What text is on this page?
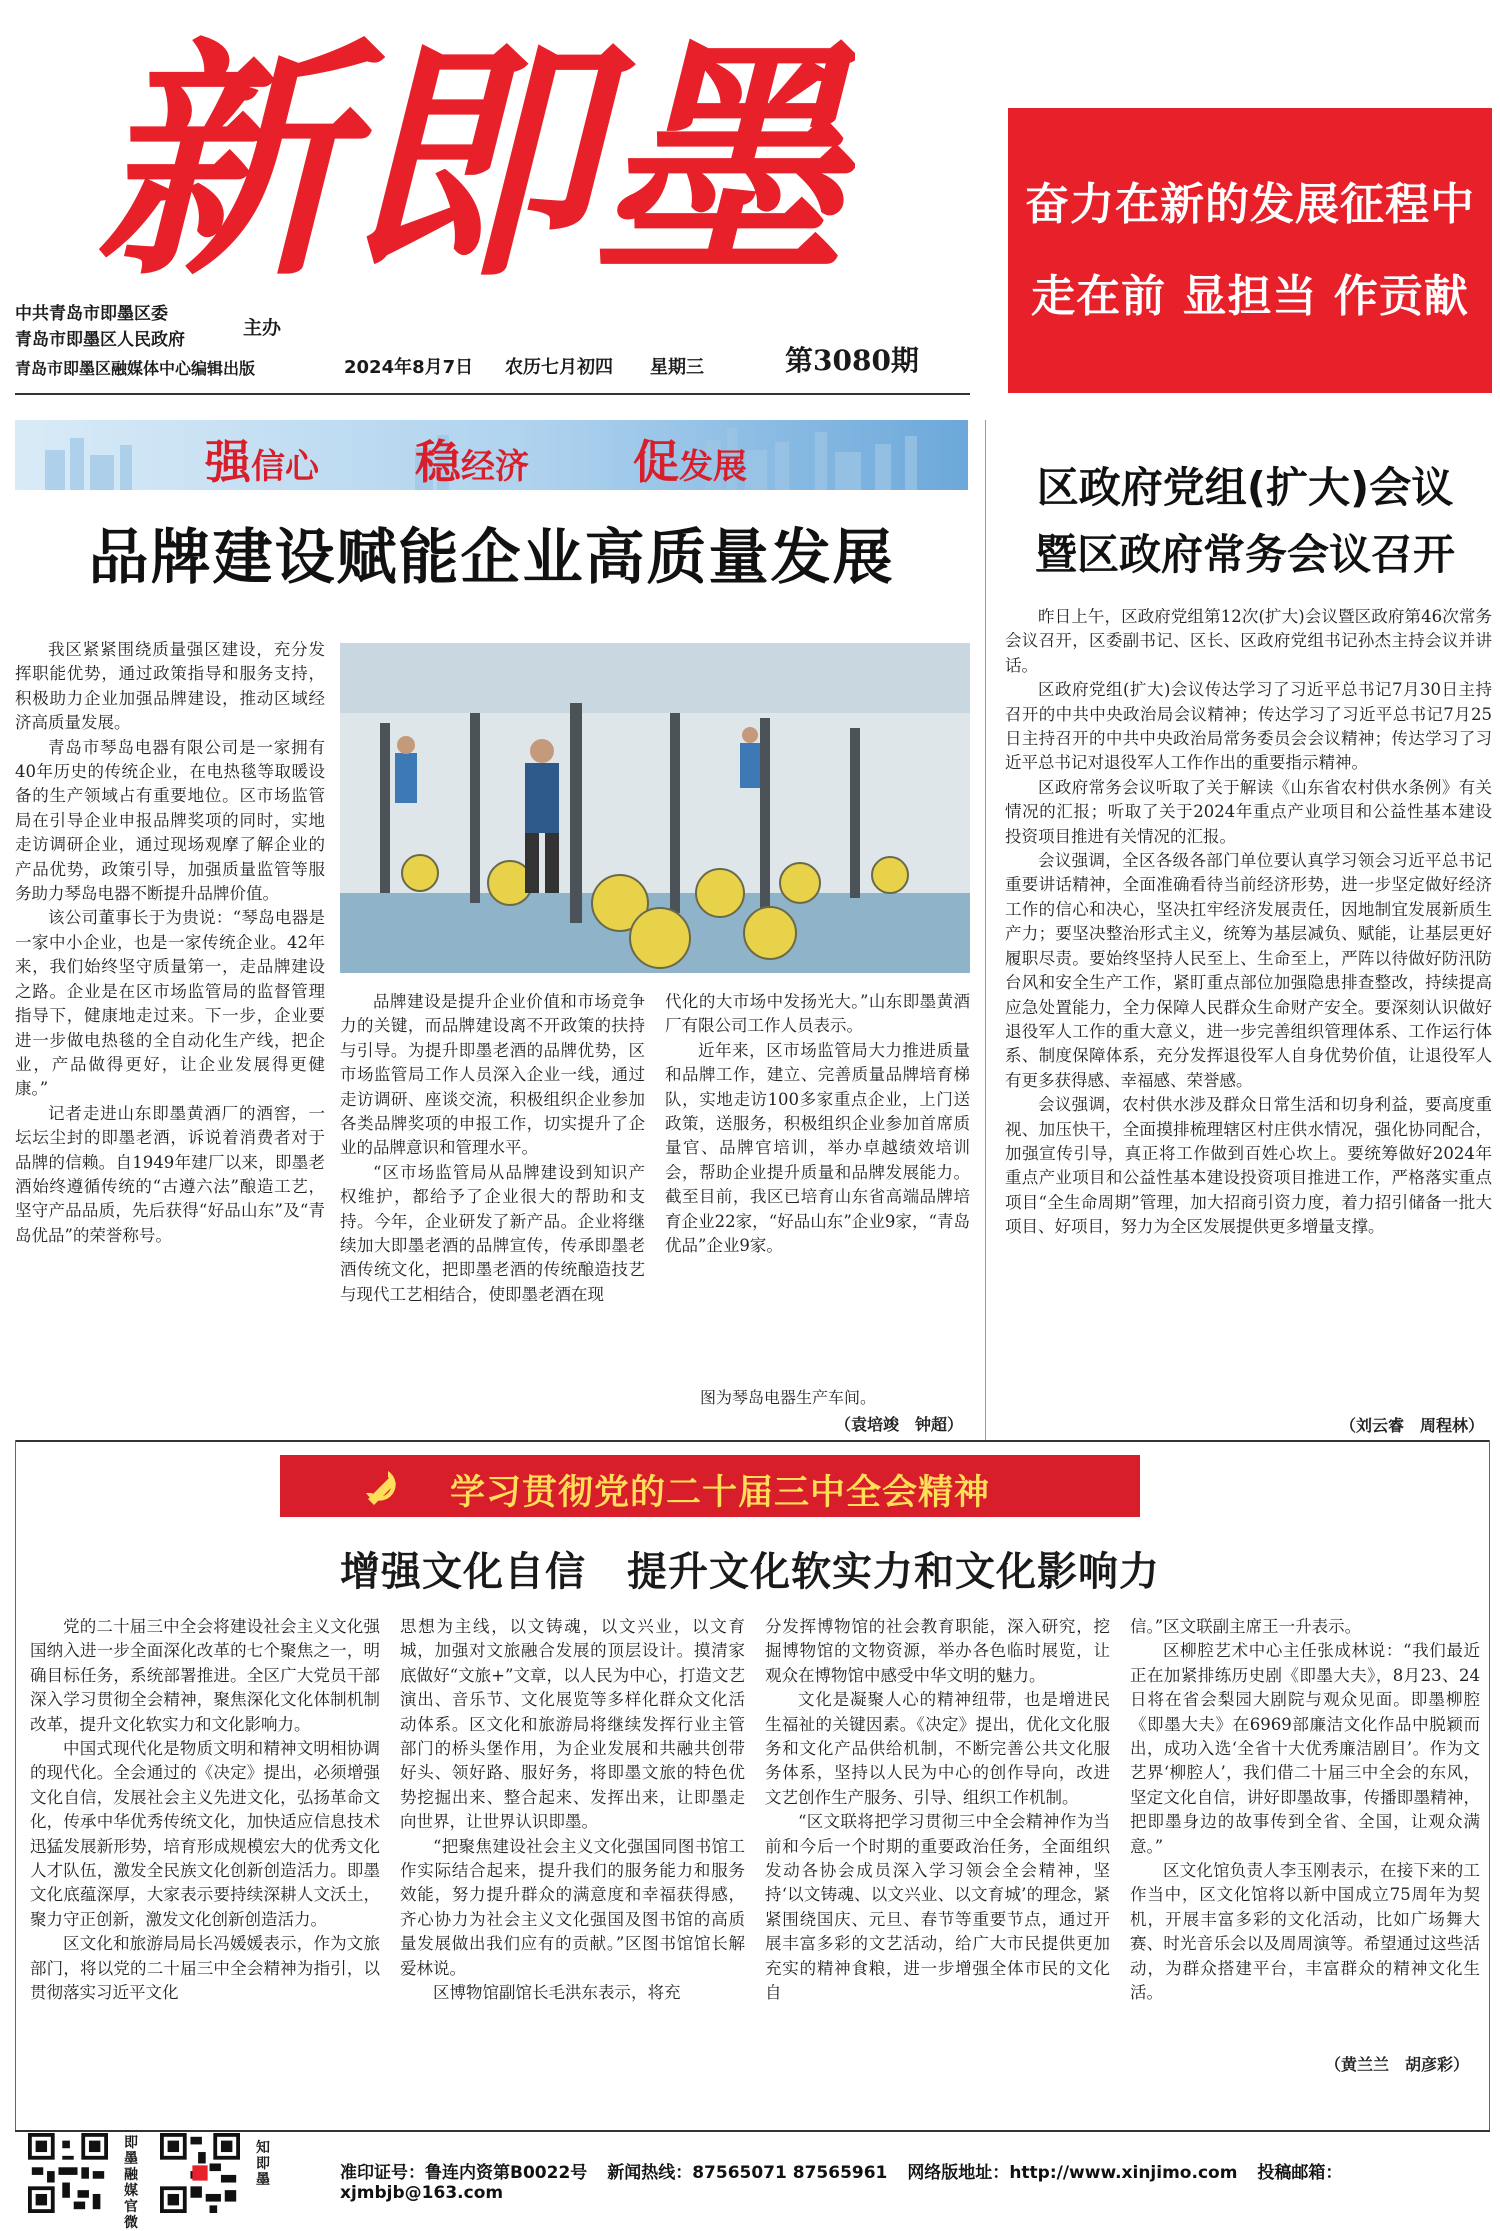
新即墨
中共青岛市即墨区委
青岛市即墨区人民政府
主办
青岛市即墨区融媒体中心编辑出版	2024年8月7日 农历七月初四 星期三	第3080期
奋力在新的发展征程中
走在前 显担当 作贡献
强信心 稳经济 促发展
品牌建设赋能企业高质量发展

我区紧紧围绕质量强区建设，充分发挥职能优势，通过政策指导和服务支持，积极助力企业加强品牌建设，推动区域经济高质量发展。

青岛市琴岛电器有限公司是一家拥有40年历史的传统企业，在电热毯等取暖设备的生产领域占有重要地位。区市场监管局在引导企业申报品牌奖项的同时，实地走访调研企业，通过现场观摩了解企业的产品优势，政策引导，加强质量监管等服务助力琴岛电器不断提升品牌价值。

该公司董事长于为贵说：“琴岛电器是一家中小企业，也是一家传统企业。42年来，我们始终坚守质量第一，走品牌建设之路。企业是在区市场监管局的监督管理指导下，健康地走过来。下一步，企业要进一步做电热毯的全自动化生产线，把企业，产品做得更好，让企业发展得更健康。”

记者走进山东即墨黄酒厂的酒窖，一坛坛尘封的即墨老酒，诉说着消费者对于品牌的信赖。自1949年建厂以来，即墨老酒始终遵循传统的“古遵六法”酿造工艺，坚守产品品质，先后获得“好品山东”及“青岛优品”的荣誉称号。

品牌建设是提升企业价值和市场竞争力的关键，而品牌建设离不开政策的扶持与引导。为提升即墨老酒的品牌优势，区市场监管局工作人员深入企业一线，通过走访调研、座谈交流，积极组织企业参加各类品牌奖项的申报工作，切实提升了企业的品牌意识和管理水平。

“区市场监管局从品牌建设到知识产权维护，都给予了企业很大的帮助和支持。今年，企业研发了新产品。企业将继续加大即墨老酒的品牌宣传，传承即墨老酒传统文化，把即墨老酒的传统酿造技艺与现代工艺相结合，使即墨老酒在现

代化的大市场中发扬光大。”山东即墨黄酒厂有限公司工作人员表示。

近年来，区市场监管局大力推进质量和品牌工作，建立、完善质量品牌培育梯队，实地走访100多家重点企业，上门送政策，送服务，积极组织企业参加首席质量官、品牌官培训，举办卓越绩效培训会，帮助企业提升质量和品牌发展能力。截至目前，我区已培育山东省高端品牌培育企业22家，“好品山东”企业9家，“青岛优品”企业9家。

图为琴岛电器生产车间。
（袁培竣　钟超）
区政府党组(扩大)会议
暨区政府常务会议召开

昨日上午，区政府党组第12次(扩大)会议暨区政府第46次常务会议召开，区委副书记、区长、区政府党组书记孙杰主持会议并讲话。

区政府党组(扩大)会议传达学习了习近平总书记7月30日主持召开的中共中央政治局会议精神；传达学习了习近平总书记7月25日主持召开的中共中央政治局常务委员会会议精神；传达学习了习近平总书记对退役军人工作作出的重要指示精神。

区政府常务会议听取了关于解读《山东省农村供水条例》有关情况的汇报；听取了关于2024年重点产业项目和公益性基本建设投资项目推进有关情况的汇报。

会议强调，全区各级各部门单位要认真学习领会习近平总书记重要讲话精神，全面准确看待当前经济形势，进一步坚定做好经济工作的信心和决心，坚决扛牢经济发展责任，因地制宜发展新质生产力；要坚决整治形式主义，统筹为基层减负、赋能，让基层更好履职尽责。要始终坚持人民至上、生命至上，严阵以待做好防汛防台风和安全生产工作，紧盯重点部位加强隐患排查整改，持续提高应急处置能力，全力保障人民群众生命财产安全。要深刻认识做好退役军人工作的重大意义，进一步完善组织管理体系、工作运行体系、制度保障体系，充分发挥退役军人自身优势价值，让退役军人有更多获得感、幸福感、荣誉感。

会议强调，农村供水涉及群众日常生活和切身利益，要高度重视、加压快干，全面摸排梳理辖区村庄供水情况，强化协同配合，加强宣传引导，真正将工作做到百姓心坎上。要统筹做好2024年重点产业项目和公益性基本建设投资项目推进工作，严格落实重点项目“全生命周期”管理，加大招商引资力度，着力招引储备一批大项目、好项目，努力为全区发展提供更多增量支撑。

（刘云睿　周程林）
学习贯彻党的二十届三中全会精神
增强文化自信　提升文化软实力和文化影响力

党的二十届三中全会将建设社会主义文化强国纳入进一步全面深化改革的七个聚焦之一，明确目标任务，系统部署推进。全区广大党员干部深入学习贯彻全会精神，聚焦深化文化体制机制改革，提升文化软实力和文化影响力。

中国式现代化是物质文明和精神文明相协调的现代化。全会通过的《决定》提出，必须增强文化自信，发展社会主义先进文化，弘扬革命文化，传承中华优秀传统文化，加快适应信息技术迅猛发展新形势，培育形成规模宏大的优秀文化人才队伍，激发全民族文化创新创造活力。即墨文化底蕴深厚，大家表示要持续深耕人文沃土，聚力守正创新，激发文化创新创造活力。

区文化和旅游局局长冯媛媛表示，作为文旅部门，将以党的二十届三中全会精神为指引，以贯彻落实习近平文化

思想为主线，以文铸魂，以文兴业，以文育城，加强对文旅融合发展的顶层设计。摸清家底做好“文旅+”文章，以人民为中心，打造文艺演出、音乐节、文化展览等多样化群众文化活动体系。区文化和旅游局将继续发挥行业主管部门的桥头堡作用，为企业发展和共融共创带好头、领好路、服好务，将即墨文旅的特色优势挖掘出来、整合起来、发挥出来，让即墨走向世界，让世界认识即墨。

“把聚焦建设社会主义文化强国同图书馆工作实际结合起来，提升我们的服务能力和服务效能，努力提升群众的满意度和幸福获得感，齐心协力为社会主义文化强国及图书馆的高质量发展做出我们应有的贡献。”区图书馆馆长解爱林说。

区博物馆副馆长毛洪东表示，将充

分发挥博物馆的社会教育职能，深入研究，挖掘博物馆的文物资源，举办各色临时展览，让观众在博物馆中感受中华文明的魅力。

文化是凝聚人心的精神纽带，也是增进民生福祉的关键因素。《决定》提出，优化文化服务和文化产品供给机制，不断完善公共文化服务体系，坚持以人民为中心的创作导向，改进文艺创作生产服务、引导、组织工作机制。

“区文联将把学习贯彻三中全会精神作为当前和今后一个时期的重要政治任务，全面组织发动各协会成员深入学习领会全会精神，坚持‘以文铸魂、以文兴业、以文育城’的理念，紧紧围绕国庆、元旦、春节等重要节点，通过开展丰富多彩的文艺活动，给广大市民提供更加充实的精神食粮，进一步增强全体市民的文化自

信。”区文联副主席王一升表示。

区柳腔艺术中心主任张成林说：“我们最近正在加紧排练历史剧《即墨大夫》，8月23、24日将在省会梨园大剧院与观众见面。即墨柳腔《即墨大夫》在6969部廉洁文化作品中脱颖而出，成功入选‘全省十大优秀廉洁剧目’。作为文艺界‘柳腔人’，我们借二十届三中全会的东风，坚定文化自信，讲好即墨故事，传播即墨精神，把即墨身边的故事传到全省、全国，让观众满意。”

区文化馆负责人李玉刚表示，在接下来的工作当中，区文化馆将以新中国成立75周年为契机，开展丰富多彩的文化活动，比如广场舞大赛、时光音乐会以及周周演等。希望通过这些活动，为群众搭建平台，丰富群众的精神文化生活。

（黄兰兰　胡彦彩）
即墨融媒官微
知即墨	准印证号：鲁连内资第B0022号 新闻热线：87565071 87565961 网络版地址：http://www.xinjimo.com 投稿邮箱：xjmbjb@163.com
